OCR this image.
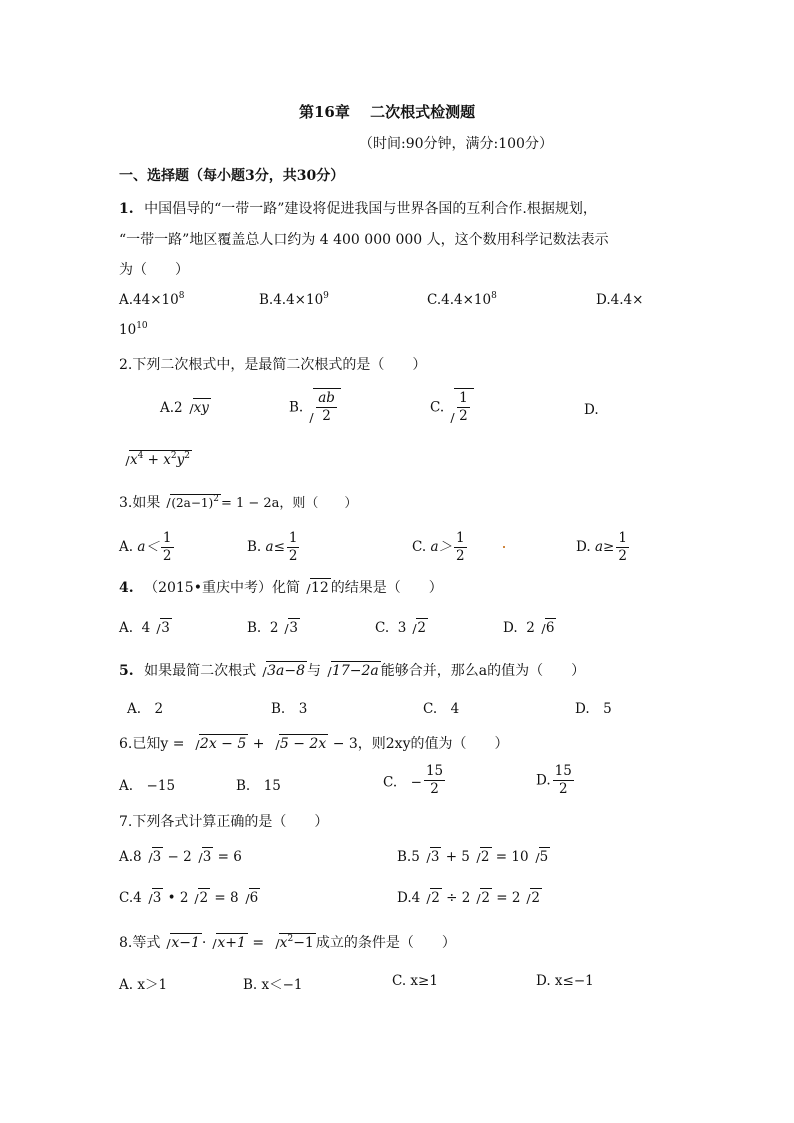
第16章　 二次根式检测题
（时间:90分钟，满分:100分）
一、选择题（每小题3分，共30分）
1. 中国倡导的“一带一路”建设将促进我国与世界各国的互利合作.根据规划，
“一带一路”地区覆盖总人口约为 4 400 000 000 人，这个数用科学记数法表示
为（　　）
$A.44\times 10^8$	$B.4.4\times 10^9$	$C.4.4\times 10^8$	D.4.4×
$10^{10}$
2.下列二次根式中，是最简二次根式的是（　　）
A.2 xy	B. $\frac{ab}{2}$	C. $\frac{1}{2}$	D.
$x^4 + x^2y^2$
3.如果 $(2a-1)^2 = 1 - 2a$，则（　　）
A. $a< \frac{1}{2}$	B. $a\le \frac{1}{2}$	C. $a> \frac{1}{2}$	D. $a\ge \frac{1}{2}$
4. （2015•重庆中考）化简 12 的结果是（　　）
A. 4 3	B. 2 3	C. 3 2	D. 2 6
5. 如果最简二次根式 3a−8 与 17−2a 能够合并，那么a的值为（　　）
A.　2	B.　3	C.　4	D.　5
6.已知y = 2x − 5 + 5 − 2x − 3，则2xy的值为（　　）
A.　−15	B.　15	C.　− $\frac{15}{2}$	D. $\frac{15}{2}$
7.下列各式计算正确的是（　　）
A.8 3 − 2 3 = 6	B.5 3 + 5 2 = 10 5
C.4 3 • 2 2 = 8 6	D.4 2 ÷ 2 2 = 2 2
8.等式 $x-1 \cdot x+1 = x^2-1$ 成立的条件是（　　）
A. x＞1	B. x＜−1	C. x≥1	D. x≤−1
